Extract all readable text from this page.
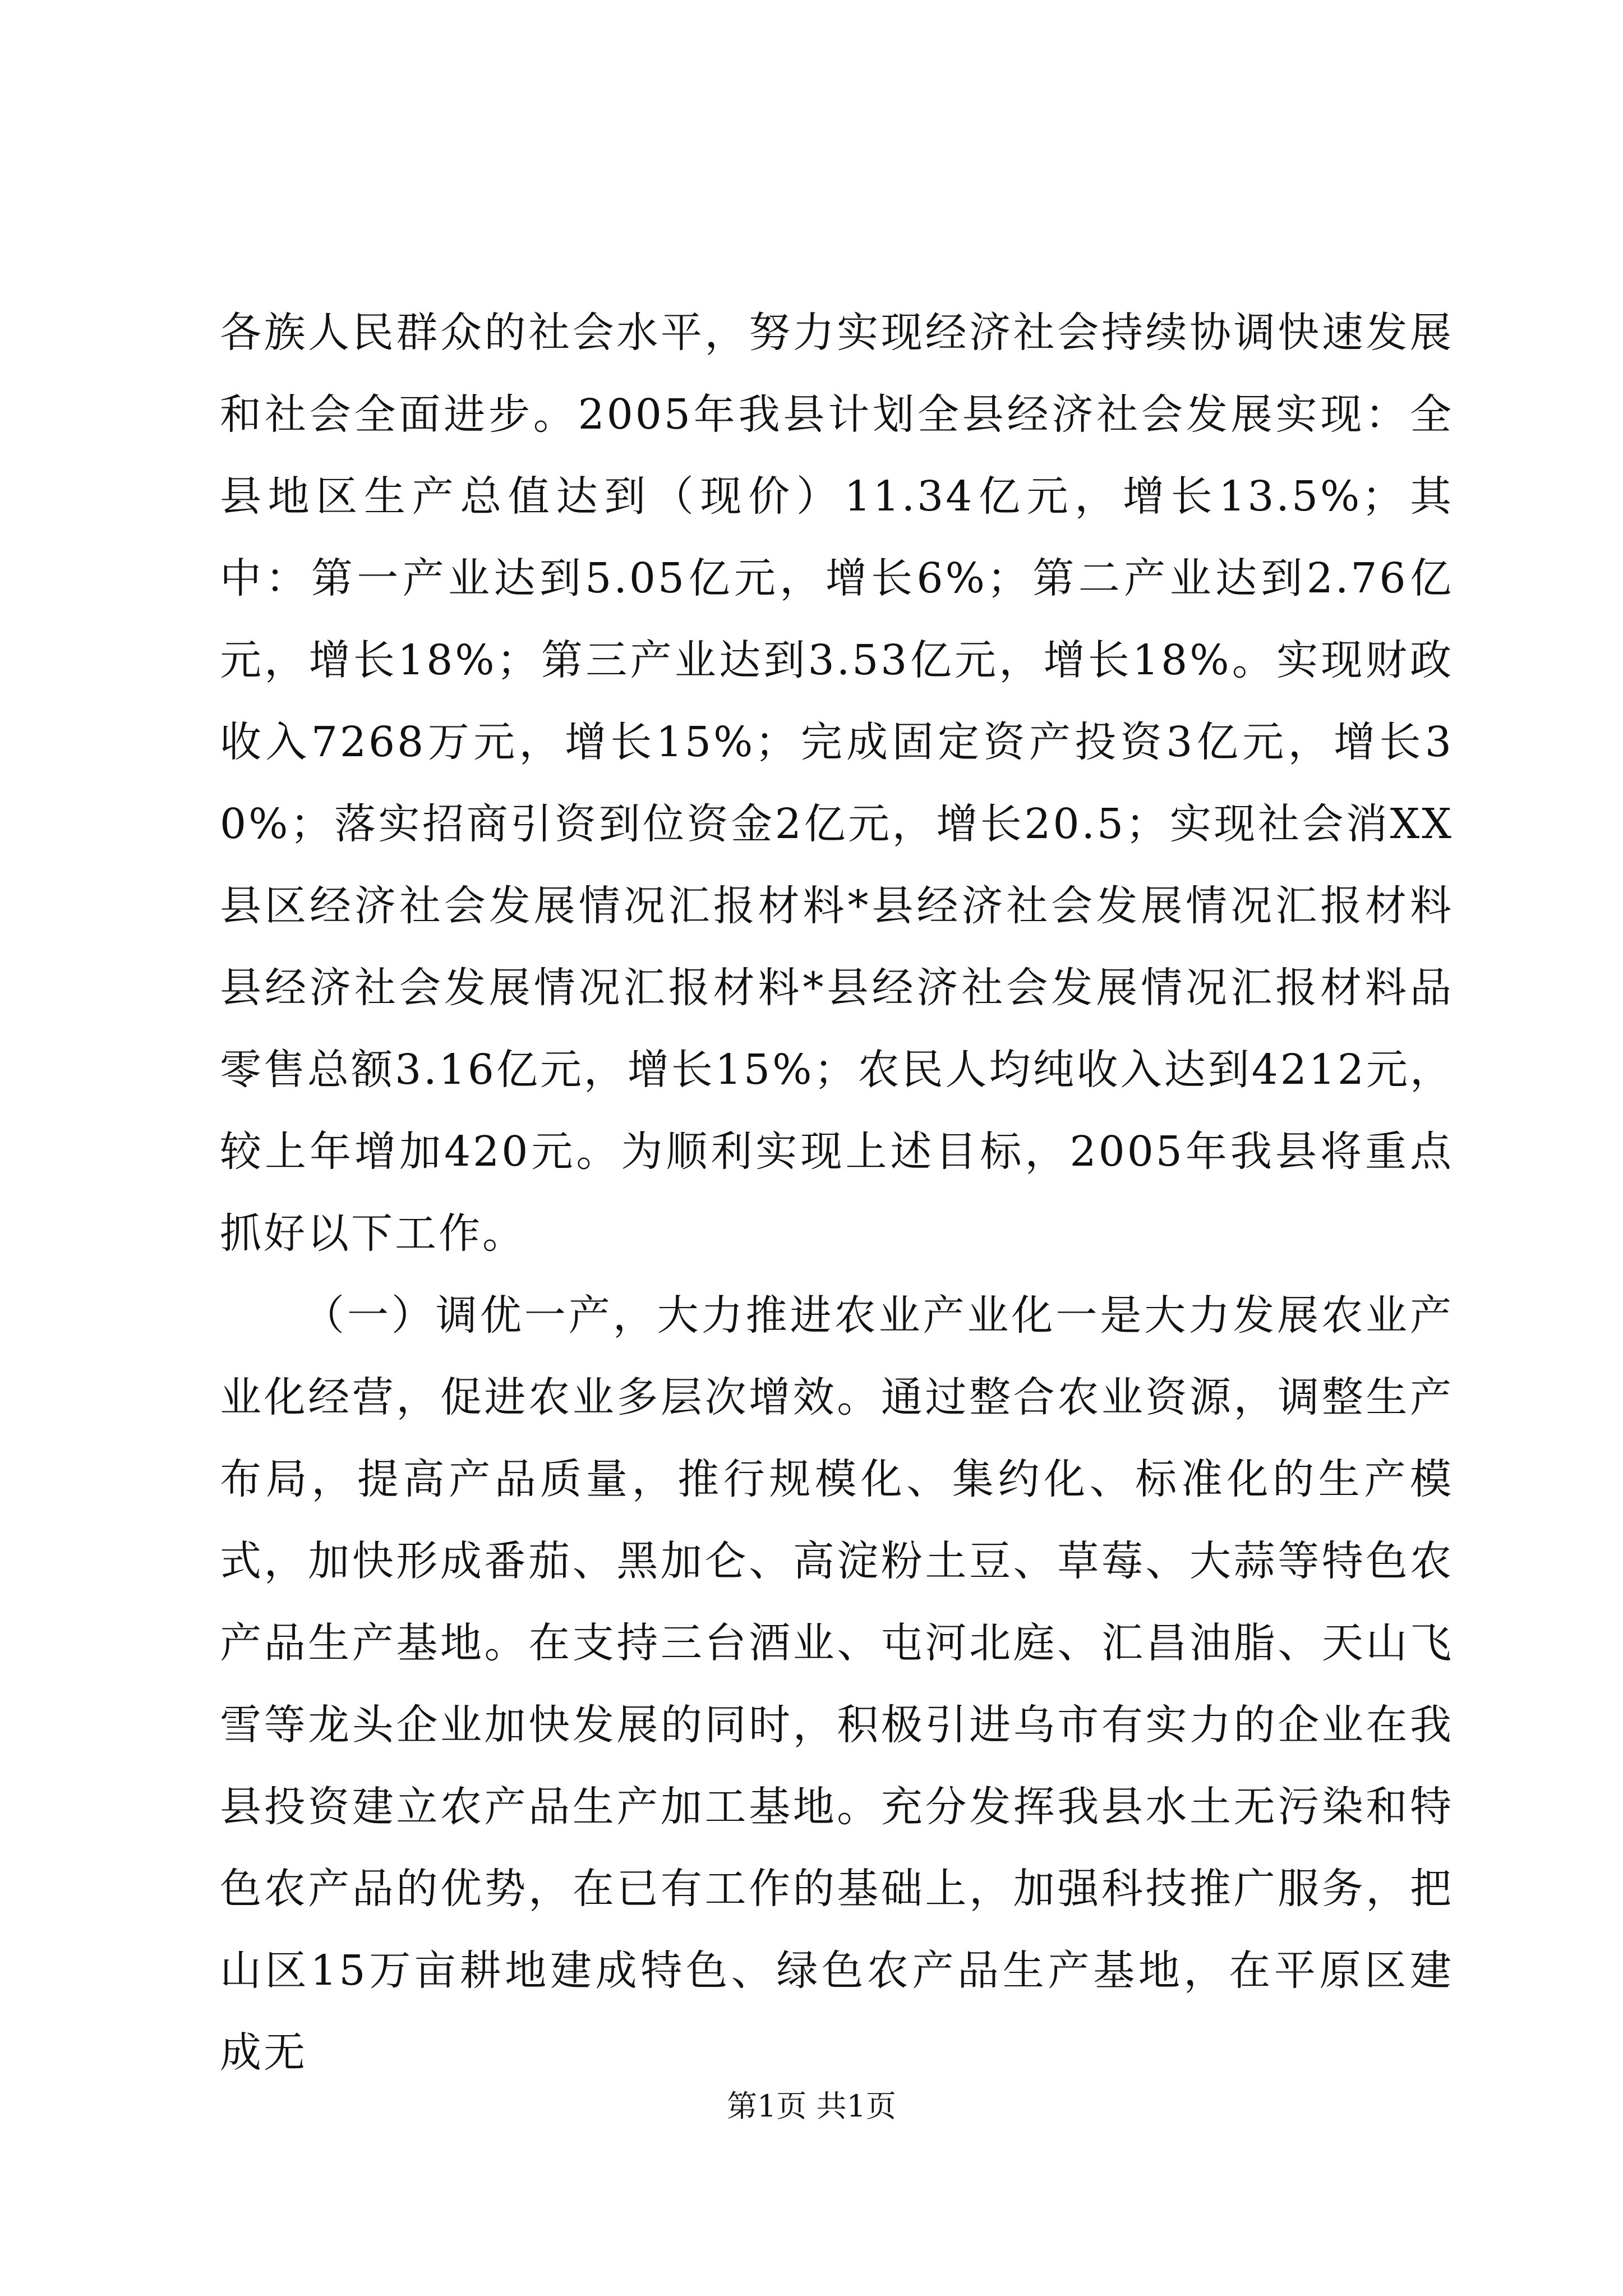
各族人民群众的社会水平，努力实现经济社会持续协调快速发展和社会全面进步。2005年我县计划全县经济社会发展实现：全县地区生产总值达到（现价）11.34亿元，增长13.5%；其中：第一产业达到5.05亿元，增长6%；第二产业达到2.76亿元，增长18%；第三产业达到3.53亿元，增长18%。实现财政收入7268万元，增长15%；完成固定资产投资3亿元，增长30%；落实招商引资到位资金2亿元，增长20.5；实现社会消XX县区经济社会发展情况汇报材料*县经济社会发展情况汇报材料县经济社会发展情况汇报材料*县经济社会发展情况汇报材料品零售总额3.16亿元，增长15%；农民人均纯收入达到4212元，较上年增加420元。为顺利实现上述目标，2005年我县将重点抓好以下工作。

（一）调优一产，大力推进农业产业化一是大力发展农业产业化经营，促进农业多层次增效。通过整合农业资源，调整生产布局，提高产品质量，推行规模化、集约化、标准化的生产模式，加快形成番茄、黑加仑、高淀粉土豆、草莓、大蒜等特色农产品生产基地。在支持三台酒业、屯河北庭、汇昌油脂、天山飞雪等龙头企业加快发展的同时，积极引进乌市有实力的企业在我县投资建立农产品生产加工基地。充分发挥我县水土无污染和特色农产品的优势，在已有工作的基础上，加强科技推广服务，把山区15万亩耕地建成特色、绿色农产品生产基地，在平原区建成无

第1页 共1页
